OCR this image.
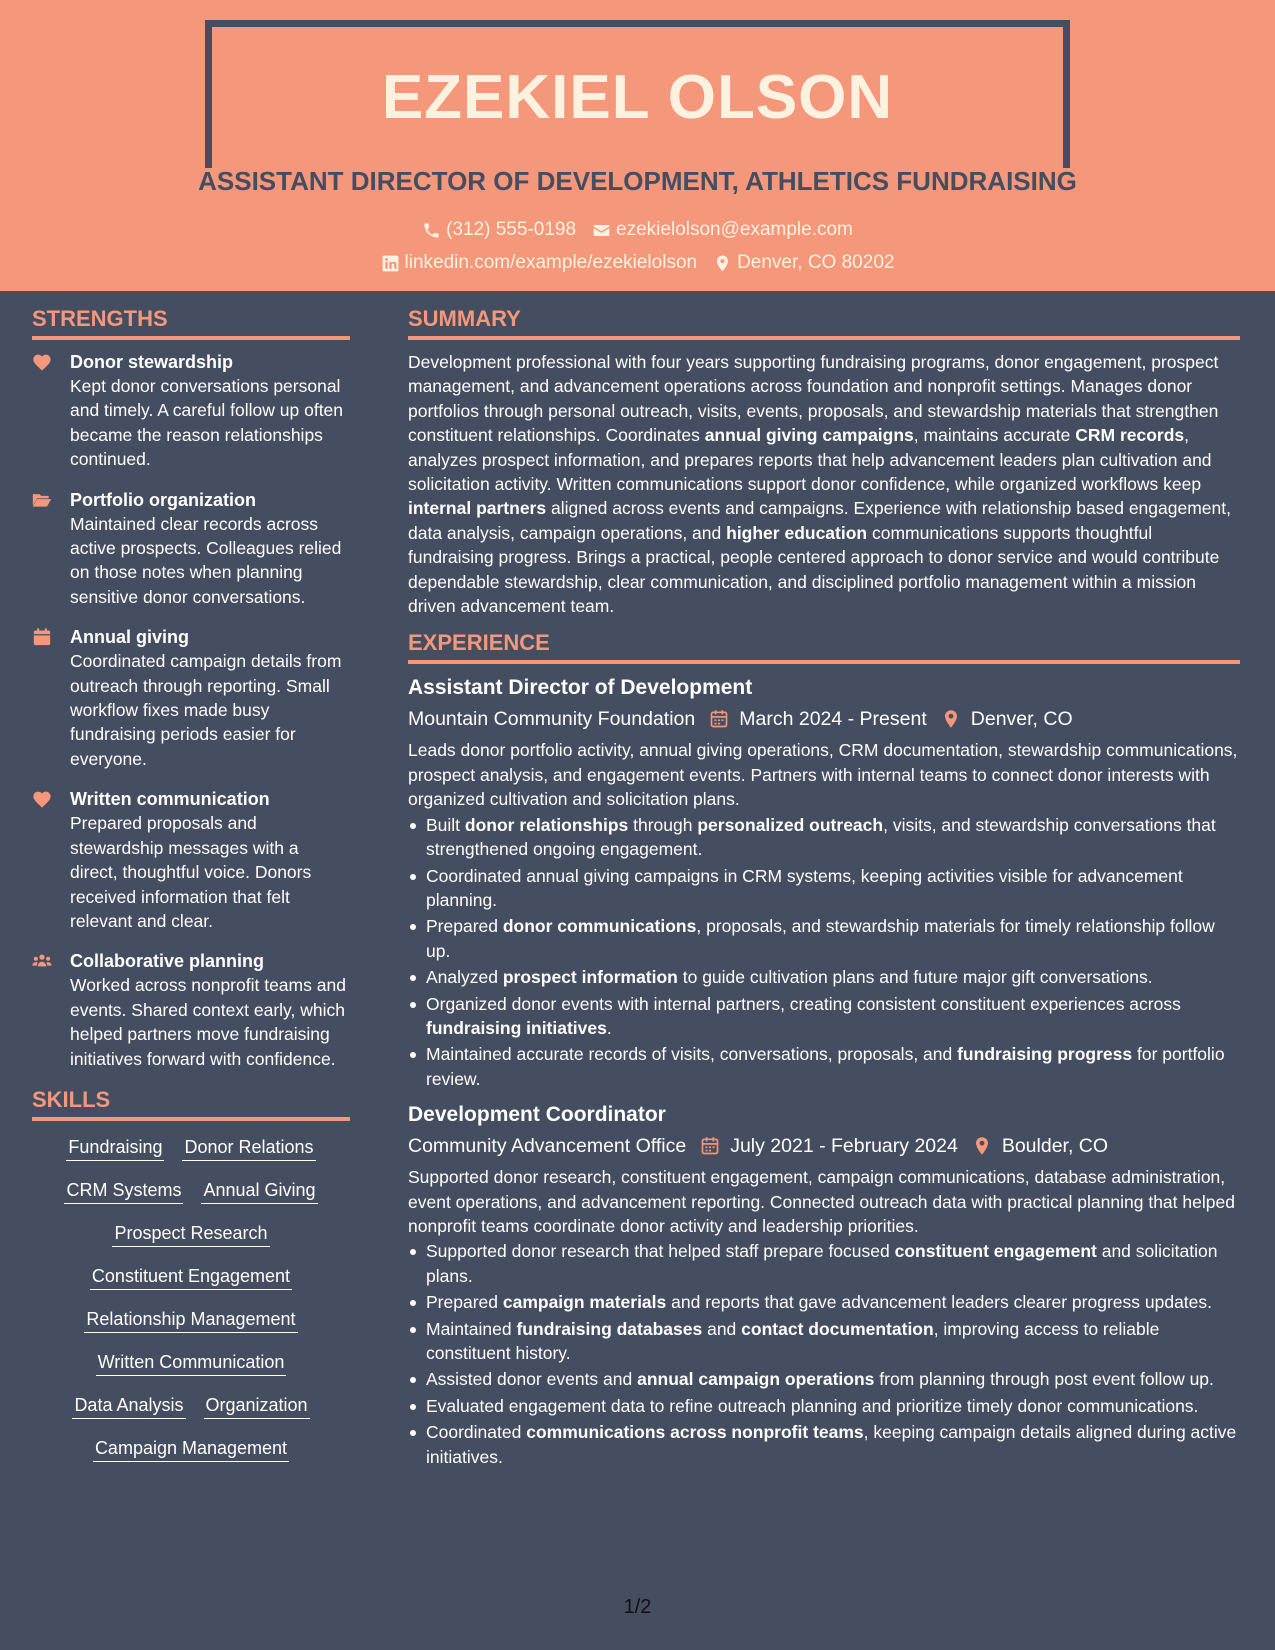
EZEKIEL OLSON
ASSISTANT DIRECTOR OF DEVELOPMENT, ATHLETICS FUNDRAISING
(312) 555-0198 ezekielolson@example.com
linkedin.com/example/ezekielolson Denver, CO 80202
STRENGTHS
Donor stewardship
Kept donor conversations personal and timely. A careful follow up often became the reason relationships continued.
Portfolio organization
Maintained clear records across active prospects. Colleagues relied on those notes when planning sensitive donor conversations.
Annual giving
Coordinated campaign details from outreach through reporting. Small workflow fixes made busy fundraising periods easier for everyone.
Written communication
Prepared proposals and stewardship messages with a direct, thoughtful voice. Donors received information that felt relevant and clear.
Collaborative planning
Worked across nonprofit teams and events. Shared context early, which helped partners move fundraising initiatives forward with confidence.
SKILLS
Fundraising Donor Relations
CRM Systems Annual Giving
Prospect Research
Constituent Engagement
Relationship Management
Written Communication
Data Analysis Organization
Campaign Management
SUMMARY
Development professional with four years supporting fundraising programs, donor engagement, prospect management, and advancement operations across foundation and nonprofit settings. Manages donor portfolios through personal outreach, visits, events, proposals, and stewardship materials that strengthen constituent relationships. Coordinates annual giving campaigns, maintains accurate CRM records, analyzes prospect information, and prepares reports that help advancement leaders plan cultivation and solicitation activity. Written communications support donor confidence, while organized workflows keep internal partners aligned across events and campaigns. Experience with relationship based engagement, data analysis, campaign operations, and higher education communications supports thoughtful fundraising progress. Brings a practical, people centered approach to donor service and would contribute dependable stewardship, clear communication, and disciplined portfolio management within a mission driven advancement team.
EXPERIENCE
Assistant Director of Development
Mountain Community Foundation March 2024 - Present Denver, CO
Leads donor portfolio activity, annual giving operations, CRM documentation, stewardship communications, prospect analysis, and engagement events. Partners with internal teams to connect donor interests with organized cultivation and solicitation plans.
Built donor relationships through personalized outreach, visits, and stewardship conversations that strengthened ongoing engagement.
Coordinated annual giving campaigns in CRM systems, keeping activities visible for advancement planning.
Prepared donor communications, proposals, and stewardship materials for timely relationship follow up.
Analyzed prospect information to guide cultivation plans and future major gift conversations.
Organized donor events with internal partners, creating consistent constituent experiences across fundraising initiatives.
Maintained accurate records of visits, conversations, proposals, and fundraising progress for portfolio review.
Development Coordinator
Community Advancement Office July 2021 - February 2024 Boulder, CO
Supported donor research, constituent engagement, campaign communications, database administration, event operations, and advancement reporting. Connected outreach data with practical planning that helped nonprofit teams coordinate donor activity and leadership priorities.
Supported donor research that helped staff prepare focused constituent engagement and solicitation plans.
Prepared campaign materials and reports that gave advancement leaders clearer progress updates.
Maintained fundraising databases and contact documentation, improving access to reliable constituent history.
Assisted donor events and annual campaign operations from planning through post event follow up.
Evaluated engagement data to refine outreach planning and prioritize timely donor communications.
Coordinated communications across nonprofit teams, keeping campaign details aligned during active initiatives.
1/2
